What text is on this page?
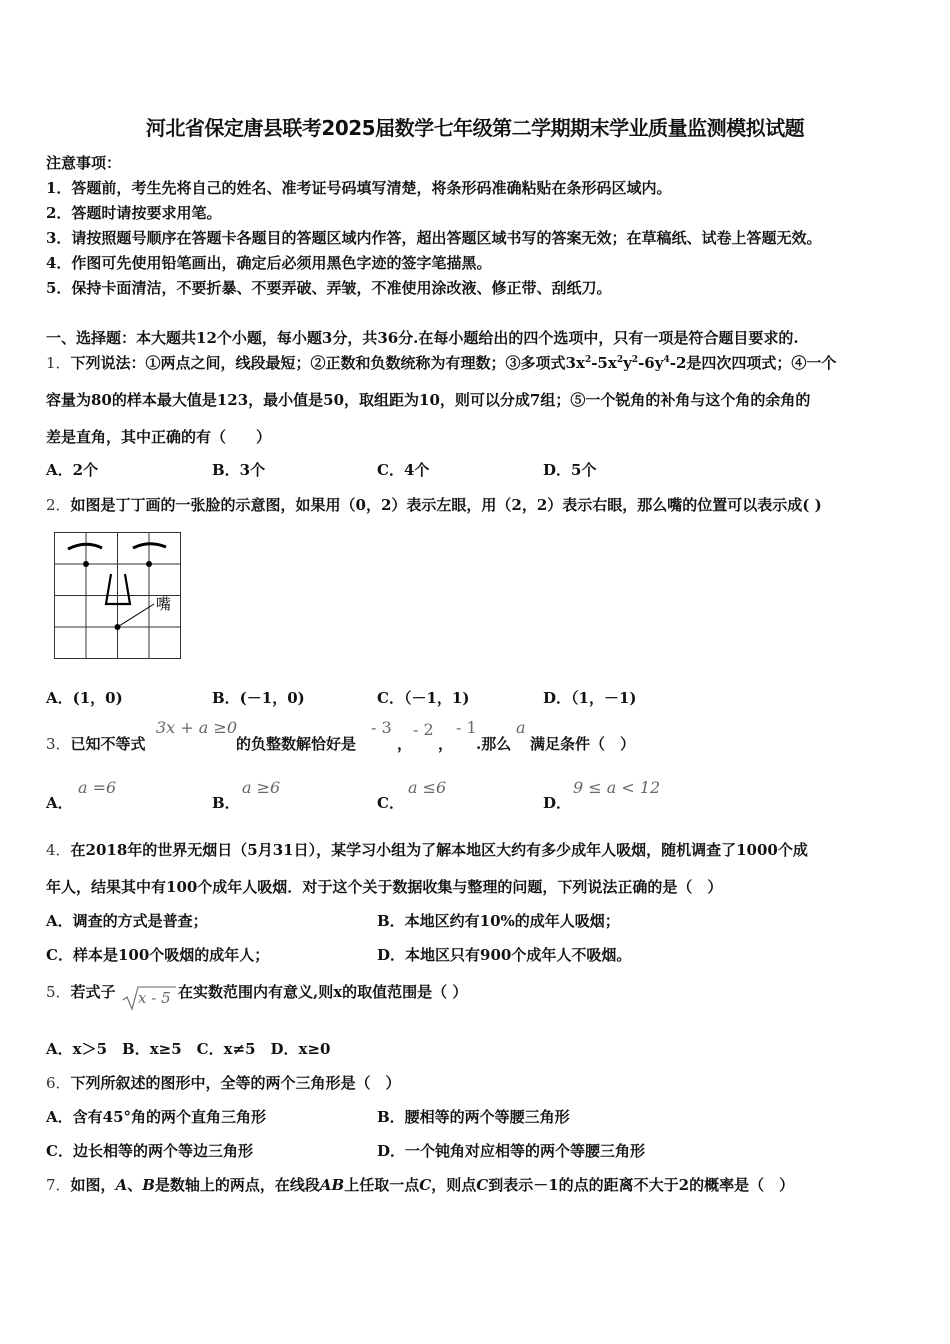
河北省保定唐县联考2025届数学七年级第二学期期末学业质量监测模拟试题
注意事项：
1．答题前，考生先将自己的姓名、准考证号码填写清楚，将条形码准确粘贴在条形码区域内。
2．答题时请按要求用笔。
3．请按照题号顺序在答题卡各题目的答题区域内作答，超出答题区域书写的答案无效；在草稿纸、试卷上答题无效。
4．作图可先使用铅笔画出，确定后必须用黑色字迹的签字笔描黑。
5．保持卡面清洁，不要折暴、不要弄破、弄皱，不准使用涂改液、修正带、刮纸刀。
一、选择题：本大题共12个小题，每小题3分，共36分.在每小题给出的四个选项中，只有一项是符合题目要求的.
1．下列说法：①两点之间，线段最短；②正数和负数统称为有理数；③多项式$3x^2-5x^2y^2-6y^4-2$是四次四项式；④一个
容量为80的样本最大值是123，最小值是50，取组距为10，则可以分成7组；⑤一个锐角的补角与这个角的余角的
差是直角，其中正确的有（　　）
A．2个	B．3个	C．4个	D．5个
2．如图是丁丁画的一张脸的示意图，如果用（0，2）表示左眼，用（2，2）表示右眼，那么嘴的位置可以表示成( )
嘴
A．(1，0)	B．(－1，0)	C．（－1，1)	D．（1，－1)
3．已知不等式
3x + a ≥0
的负整数解恰好是
- 3
，
- 2
，
- 1
.那么
a
满足条件（　）
A．
a =6
B．
a ≥6
C．
a ≤6
D．
9 ≤ a < 12
4．在2018年的世界无烟日（5月31日），某学习小组为了解本地区大约有多少成年人吸烟，随机调查了1000个成
年人，结果其中有100个成年人吸烟．对于这个关于数据收集与整理的问题，下列说法正确的是（　）
A．调查的方式是普查；	B．本地区约有10%的成年人吸烟；
C．样本是100个吸烟的成年人；	D．本地区只有900个成年人不吸烟。
5．若式子 x - 5 在实数范围内有意义,则x的取值范围是（ ）
A．x＞5　B．x≥5　C．x≠5　D．x≥0
6．下列所叙述的图形中，全等的两个三角形是（　）
A．含有45°角的两个直角三角形	B．腰相等的两个等腰三角形
C．边长相等的两个等边三角形	D．一个钝角对应相等的两个等腰三角形
7．如图，A、B是数轴上的两点，在线段AB上任取一点C，则点C到表示－1的点的距离不大于2的概率是（　）
